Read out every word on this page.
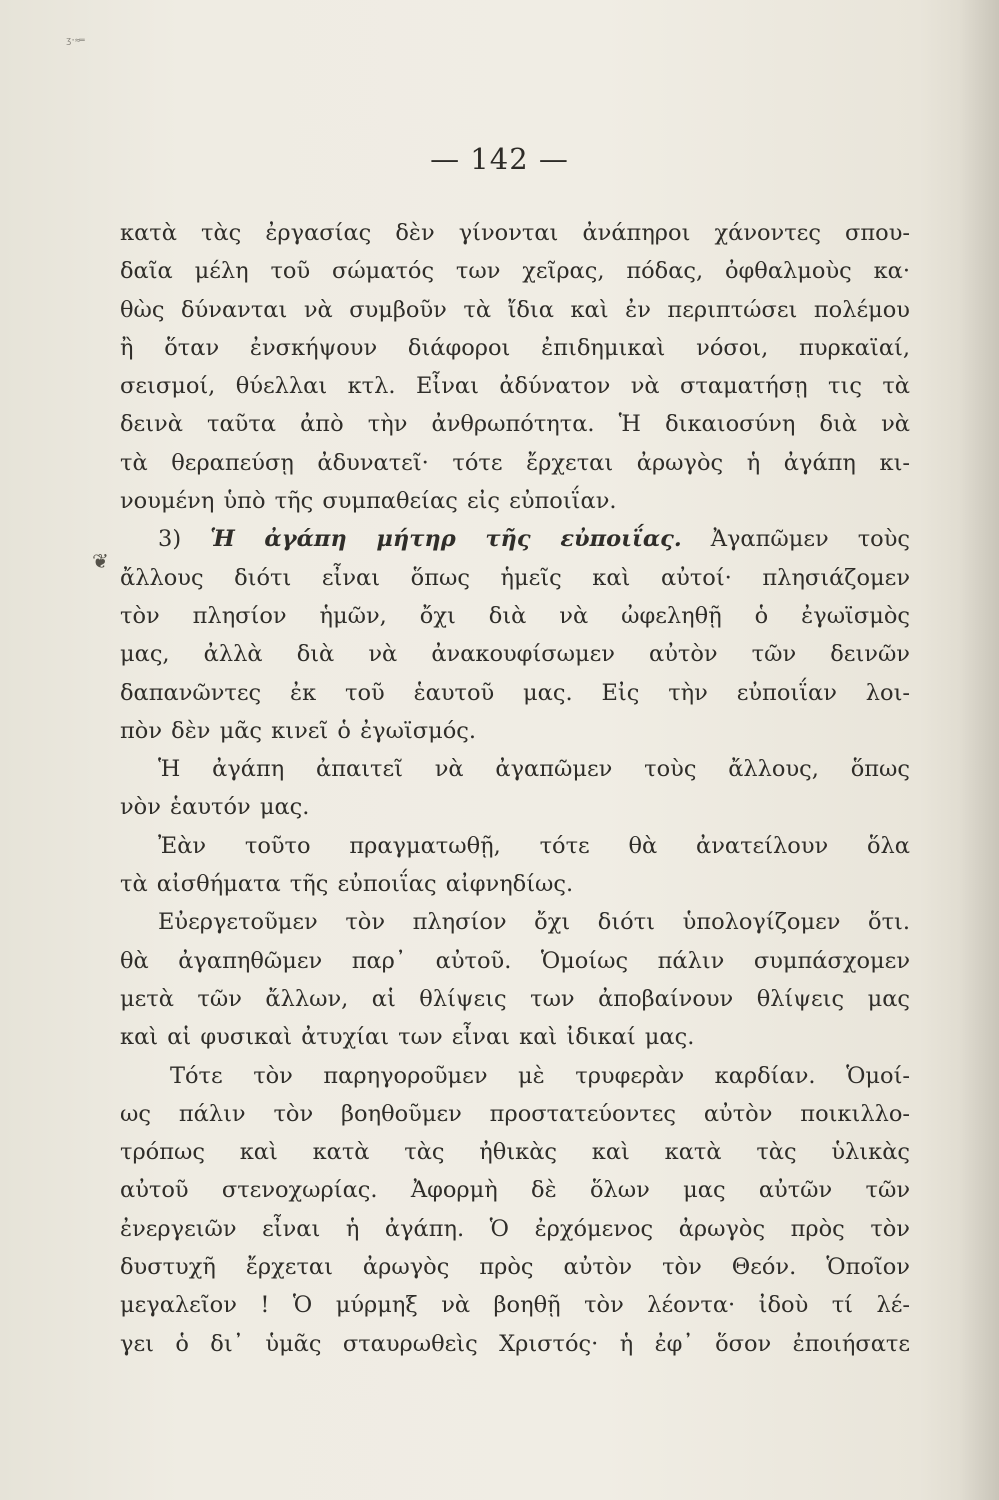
ʒ·≈═
— 142 —
❦
κατὰ τὰς ἐργασίας δὲν γίνονται ἀνάπηροι χάνοντες σπου-
δαῖα μέλη τοῦ σώματός των χεῖρας, πόδας, ὀφθαλμοὺς κα·
θὼς δύνανται νὰ συμβοῦν τὰ ἴδια καὶ ἐν περιπτώσει πολέμου
ἢ ὅταν ἐνσκήψουν διάφοροι ἐπιδημικαὶ νόσοι, πυρκαϊαί,
σεισμοί, θύελλαι κτλ. Εἶναι ἀδύνατον νὰ σταματήσῃ τις τὰ
δεινὰ ταῦτα ἀπὸ τὴν ἀνθρωπότητα. Ἡ δικαιοσύνη διὰ νὰ
τὰ θεραπεύσῃ ἀδυνατεῖ· τότε ἔρχεται ἀρωγὸς ἡ ἀγάπη κι-
νουμένη ὑπὸ τῆς συμπαθείας εἰς εὐποιΐαν.
3) Ἡ ἀγάπη μήτηρ τῆς εὐποιΐας. Ἀγαπῶμεν τοὺς
ἄλλους διότι εἶναι ὅπως ἡμεῖς καὶ αὐτοί· πλησιάζομεν
τὸν πλησίον ἡμῶν, ὄχι διὰ νὰ ὠφεληθῇ ὁ ἐγωϊσμὸς
μας, ἀλλὰ διὰ νὰ ἀνακουφίσωμεν αὐτὸν τῶν δεινῶν
δαπανῶντες ἐκ τοῦ ἑαυτοῦ μας. Εἰς τὴν εὐποιΐαν λοι-
πὸν δὲν μᾶς κινεῖ ὁ ἐγωϊσμός.
Ἡ ἀγάπη ἀπαιτεῖ νὰ ἀγαπῶμεν τοὺς ἄλλους, ὅπως
νὸν ἑαυτόν μας.
Ἐὰν τοῦτο πραγματωθῇ, τότε θὰ ἀνατείλουν ὅλα
τὰ αἰσθήματα τῆς εὐποιΐας αἰφνηδίως.
Εὐεργετοῦμεν τὸν πλησίον ὄχι διότι ὑπολογίζομεν ὅτι.
θὰ ἀγαπηθῶμεν παρ᾽ αὐτοῦ. Ὁμοίως πάλιν συμπάσχομεν
μετὰ τῶν ἄλλων, αἱ θλίψεις των ἀποβαίνουν θλίψεις μας
καὶ αἱ φυσικαὶ ἀτυχίαι των εἶναι καὶ ἰδικαί μας.
Τότε τὸν παρηγοροῦμεν μὲ τρυφερὰν καρδίαν. Ὁμοί-
ως πάλιν τὸν βοηθοῦμεν προστατεύοντες αὐτὸν ποικιλλο-
τρόπως καὶ κατὰ τὰς ἠθικὰς καὶ κατὰ τὰς ὑλικὰς
αὐτοῦ στενοχωρίας. Ἀφορμὴ δὲ ὅλων μας αὐτῶν τῶν
ἐνεργειῶν εἶναι ἡ ἀγάπη. Ὁ ἐρχόμενος ἀρωγὸς πρὸς τὸν
δυστυχῆ ἔρχεται ἀρωγὸς πρὸς αὐτὸν τὸν Θεόν. Ὁποῖον
μεγαλεῖον ! Ὁ μύρμηξ νὰ βοηθῇ τὸν λέοντα· ἰδοὺ τί λέ-
γει ὁ δι᾽ ὑμᾶς σταυρωθεὶς Χριστός· ἡ ἐφ᾽ ὅσον ἐποιήσατε
